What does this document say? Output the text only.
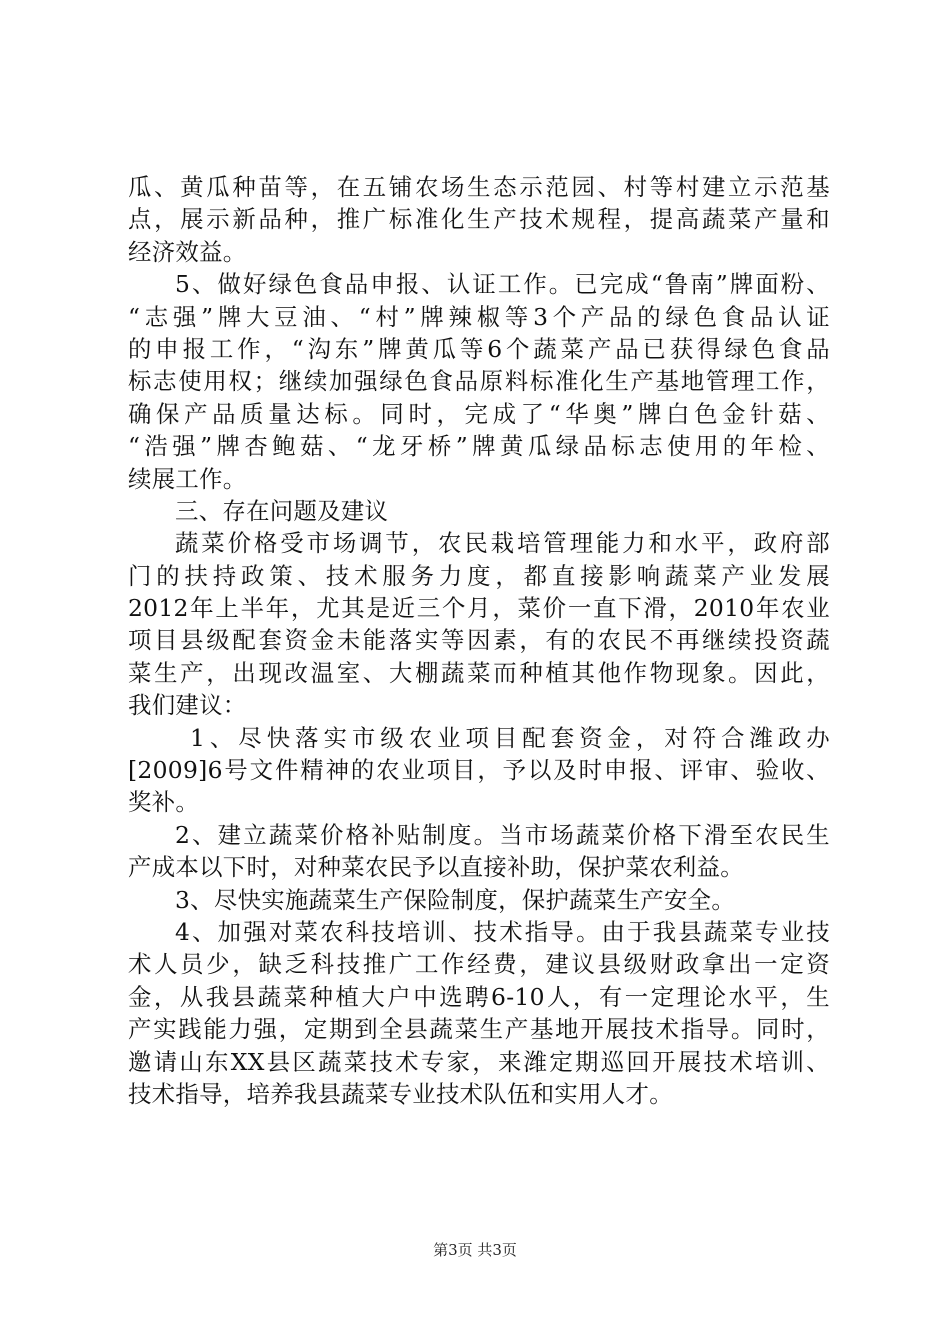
瓜、黄瓜种苗等，在五铺农场生态示范园、村等村建立示范基
点，展示新品种，推广标准化生产技术规程，提高蔬菜产量和
经济效益。
5、做好绿色食品申报、认证工作。已完成“鲁南”牌面粉、
“志强”牌大豆油、“村”牌辣椒等3个产品的绿色食品认证
的申报工作，“沟东”牌黄瓜等6个蔬菜产品已获得绿色食品
标志使用权；继续加强绿色食品原料标准化生产基地管理工作，
确保产品质量达标。同时，完成了“华奥”牌白色金针菇、
“浩强”牌杏鲍菇、“龙牙桥”牌黄瓜绿品标志使用的年检、
续展工作。
三、存在问题及建议
蔬菜价格受市场调节，农民栽培管理能力和水平，政府部
门的扶持政策、技术服务力度，都直接影响蔬菜产业发展
2012年上半年，尤其是近三个月，菜价一直下滑，2010年农业
项目县级配套资金未能落实等因素，有的农民不再继续投资蔬
菜生产，出现改温室、大棚蔬菜而种植其他作物现象。因此，
我们建议：
1、尽快落实市级农业项目配套资金，对符合潍政办
[2009]6号文件精神的农业项目，予以及时申报、评审、验收、
奖补。
2、建立蔬菜价格补贴制度。当市场蔬菜价格下滑至农民生
产成本以下时，对种菜农民予以直接补助，保护菜农利益。
3、尽快实施蔬菜生产保险制度，保护蔬菜生产安全。
4、加强对菜农科技培训、技术指导。由于我县蔬菜专业技
术人员少，缺乏科技推广工作经费，建议县级财政拿出一定资
金，从我县蔬菜种植大户中选聘6-10人，有一定理论水平，生
产实践能力强，定期到全县蔬菜生产基地开展技术指导。同时，
邀请山东XX县区蔬菜技术专家，来潍定期巡回开展技术培训、
技术指导，培养我县蔬菜专业技术队伍和实用人才。
第3页 共3页
